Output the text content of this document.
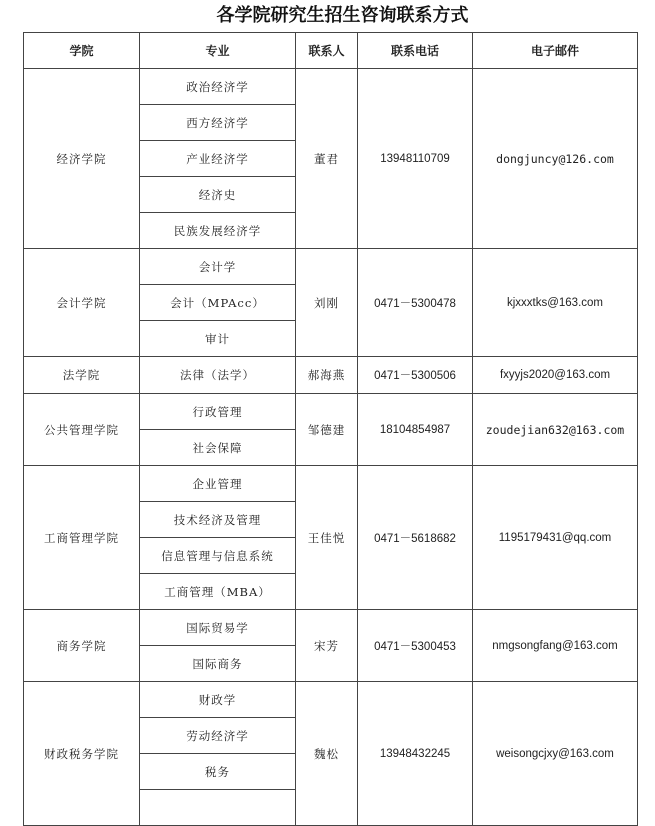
各学院研究生招生咨询联系方式
学院	专业	联系人	联系电话	电子邮件
经济学院	政治经济学	董君	13948110709	dongjuncy@126.com
	西方经济学			
	产业经济学			
	经济史			
	民族发展经济学			
会计学院	会计学	刘刚	0471－5300478	kjxxxtks@163.com
	会计（MPAcc）			
	审计			
法学院	法律（法学）	郝海燕	0471－5300506	fxyyjs2020@163.com
公共管理学院	行政管理	邹德建	18104854987	zoudejian632@163.com
	社会保障			
工商管理学院	企业管理	王佳悦	0471－5618682	1195179431@qq.com
	技术经济及管理			
	信息管理与信息系统			
	工商管理（MBA）			
商务学院	国际贸易学	宋芳	0471－5300453	nmgsongfang@163.com
	国际商务			
财政税务学院	财政学	魏松	13948432245	weisongcjxy@163.com
	劳动经济学			
	税务			
